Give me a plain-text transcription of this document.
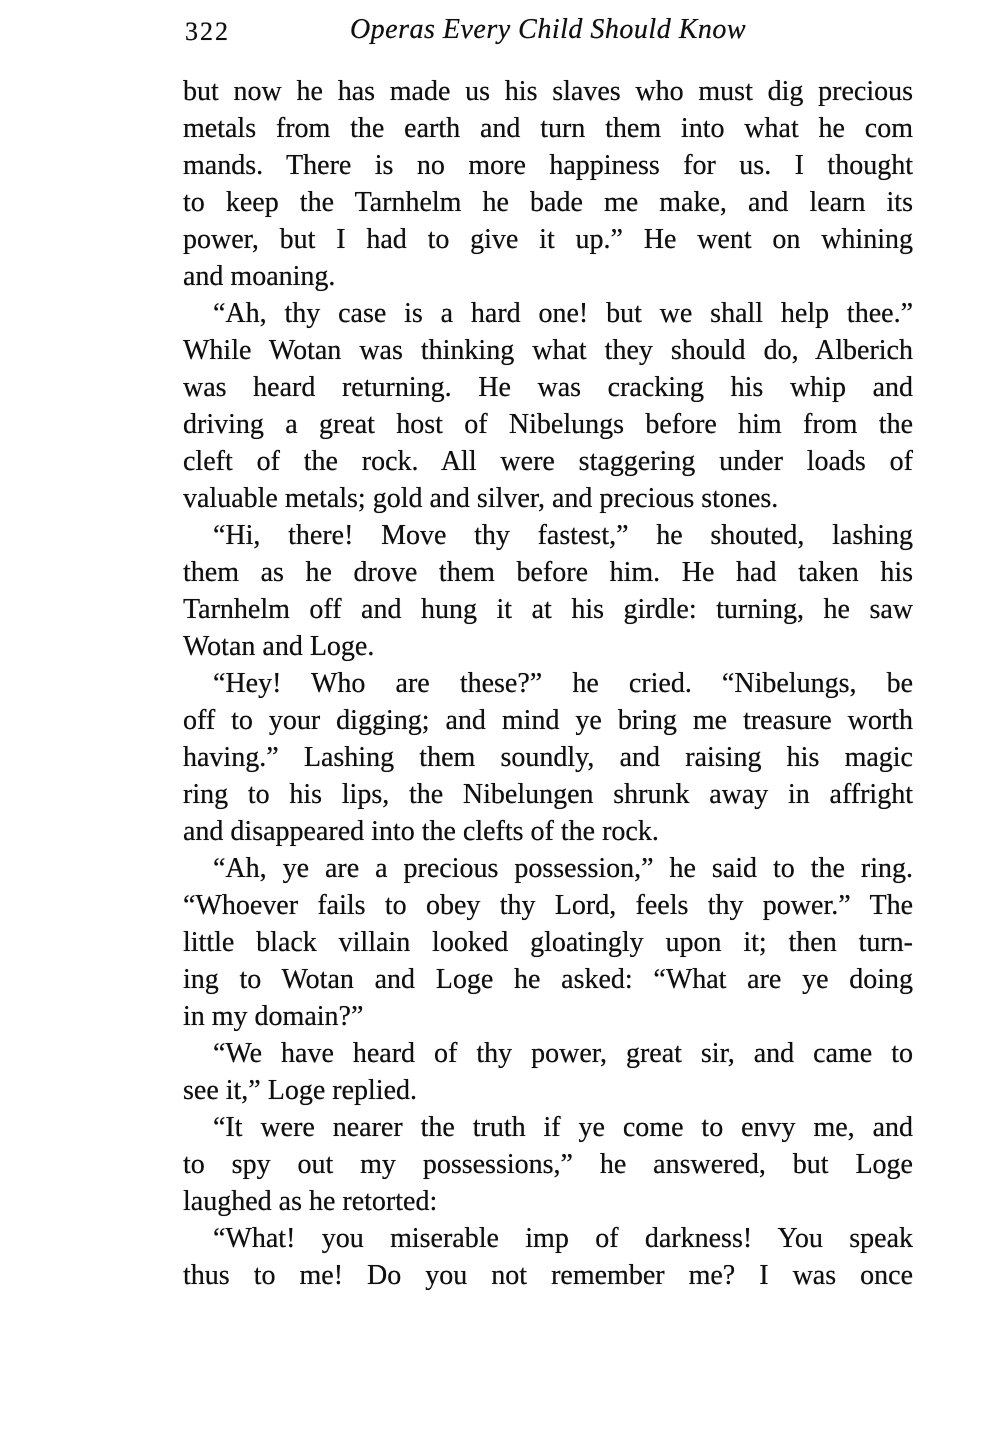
322	Operas Every Child Should Know
but now he has made us his slaves who must dig precious
metals from the earth and turn them into what he com
mands. There is no more happiness for us. I thought
to keep the Tarnhelm he bade me make, and learn its
power, but I had to give it up.” He went on whining
and moaning.
“Ah, thy case is a hard one! but we shall help thee.”
While Wotan was thinking what they should do, Alberich
was heard returning. He was cracking his whip and
driving a great host of Nibelungs before him from the
cleft of the rock. All were staggering under loads of
valuable metals; gold and silver, and precious stones.
“Hi, there! Move thy fastest,” he shouted, lashing
them as he drove them before him. He had taken his
Tarnhelm off and hung it at his girdle: turning, he saw
Wotan and Loge.
“Hey! Who are these?” he cried. “Nibelungs, be
off to your digging; and mind ye bring me treasure worth
having.” Lashing them soundly, and raising his magic
ring to his lips, the Nibelungen shrunk away in affright
and disappeared into the clefts of the rock.
“Ah, ye are a precious possession,” he said to the ring.
“Whoever fails to obey thy Lord, feels thy power.” The
little black villain looked gloatingly upon it; then turn-
ing to Wotan and Loge he asked: “What are ye doing
in my domain?”
“We have heard of thy power, great sir, and came to
see it,” Loge replied.
“It were nearer the truth if ye come to envy me, and
to spy out my possessions,” he answered, but Loge
laughed as he retorted:
“What! you miserable imp of darkness! You speak
thus to me! Do you not remember me? I was once
